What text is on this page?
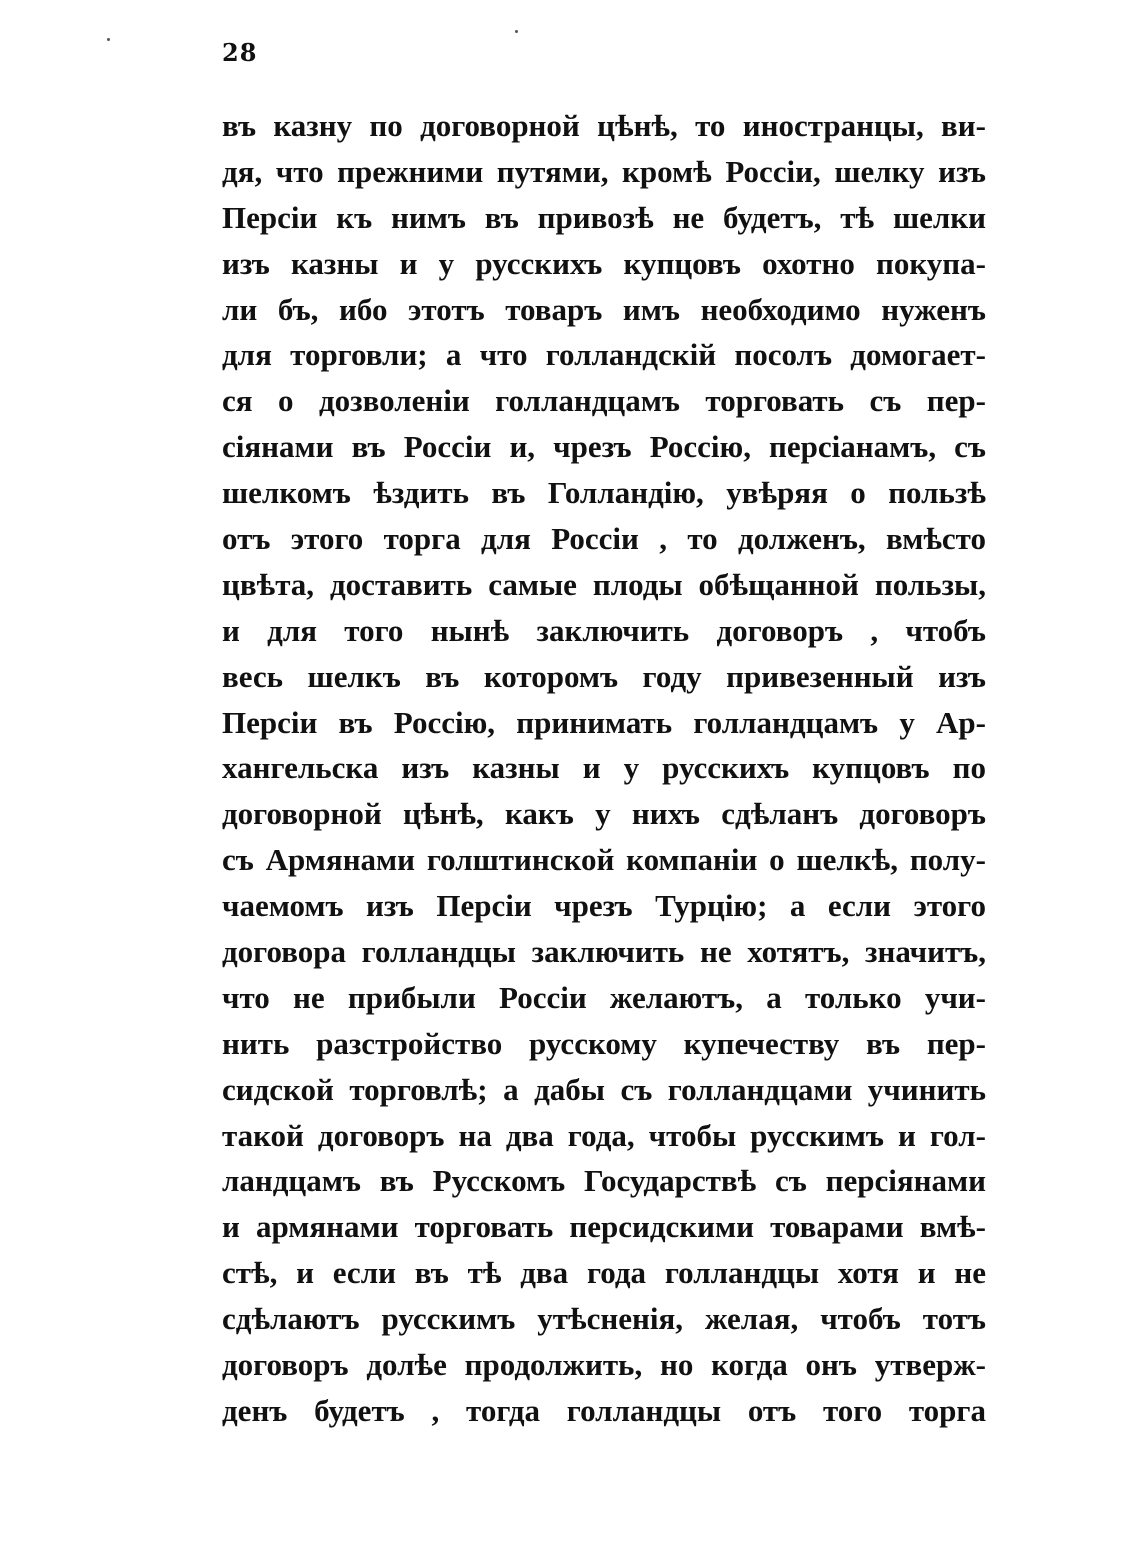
28
въ казну по договорной цѣнѣ, то иностранцы, ви-
дя, что прежними путями, кромѣ Россіи, шелку изъ
Персіи къ нимъ въ привозѣ не будетъ, тѣ шелки
изъ казны и у русскихъ купцовъ охотно покупа-
ли бъ, ибо этотъ товаръ имъ необходимо нуженъ
для торговли; а что голландскій посолъ домогает-
ся о дозволеніи голландцамъ торговать съ пер-
сіянами въ Россіи и, чрезъ Россію, персіанамъ, съ
шелкомъ ѣздить въ Голландію, увѣряя о пользѣ
отъ этого торга для Россіи , то долженъ, вмѣсто
цвѣта, доставить самые плоды обѣщанной пользы,
и для того нынѣ заключить договоръ , чтобъ
весь шелкъ въ которомъ году привезенный изъ
Персіи въ Россію, принимать голландцамъ у Ар-
хангельска изъ казны и у русскихъ купцовъ по
договорной цѣнѣ, какъ у нихъ сдѣланъ договоръ
съ Армянами голштинской компаніи о шелкѣ, полу-
чаемомъ изъ Персіи чрезъ Турцію; а если этого
договора голландцы заключить не хотятъ, значитъ,
что не прибыли Россіи желаютъ, а только учи-
нить разстройство русскому купечеству въ пер-
сидской торговлѣ; а дабы съ голландцами учинить
такой договоръ на два года, чтобы русскимъ и гол-
ландцамъ въ Русскомъ Государствѣ съ персіянами
и армянами торговать персидскими товарами вмѣ-
стѣ, и если въ тѣ два года голландцы хотя и не
сдѣлаютъ русскимъ утѣсненія, желая, чтобъ тотъ
договоръ долѣе продолжить, но когда онъ утверж-
денъ будетъ , тогда голландцы отъ того торга
